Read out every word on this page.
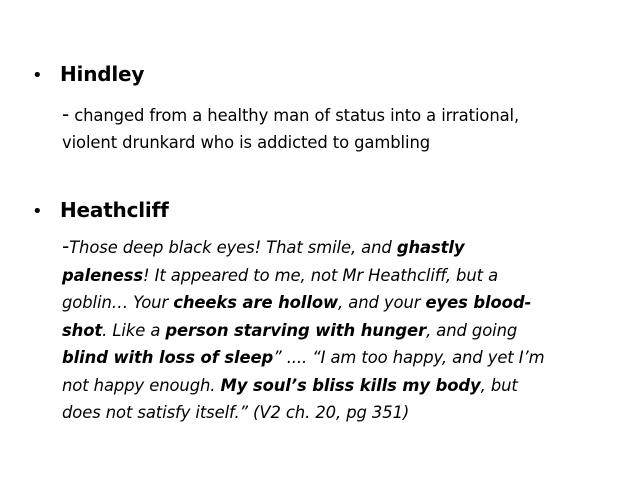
• Hindley
- changed from a healthy man of status into a irrational,
violent drunkard who is addicted to gambling
• Heathcliff
-Those deep black eyes! That smile, and ghastly
paleness! It appeared to me, not Mr Heathcliff, but a
goblin… Your cheeks are hollow, and your eyes blood-
shot. Like a person starving with hunger, and going
blind with loss of sleep” .... “I am too happy, and yet I’m
not happy enough. My soul’s bliss kills my body, but
does not satisfy itself.” (V2 ch. 20, pg 351)
